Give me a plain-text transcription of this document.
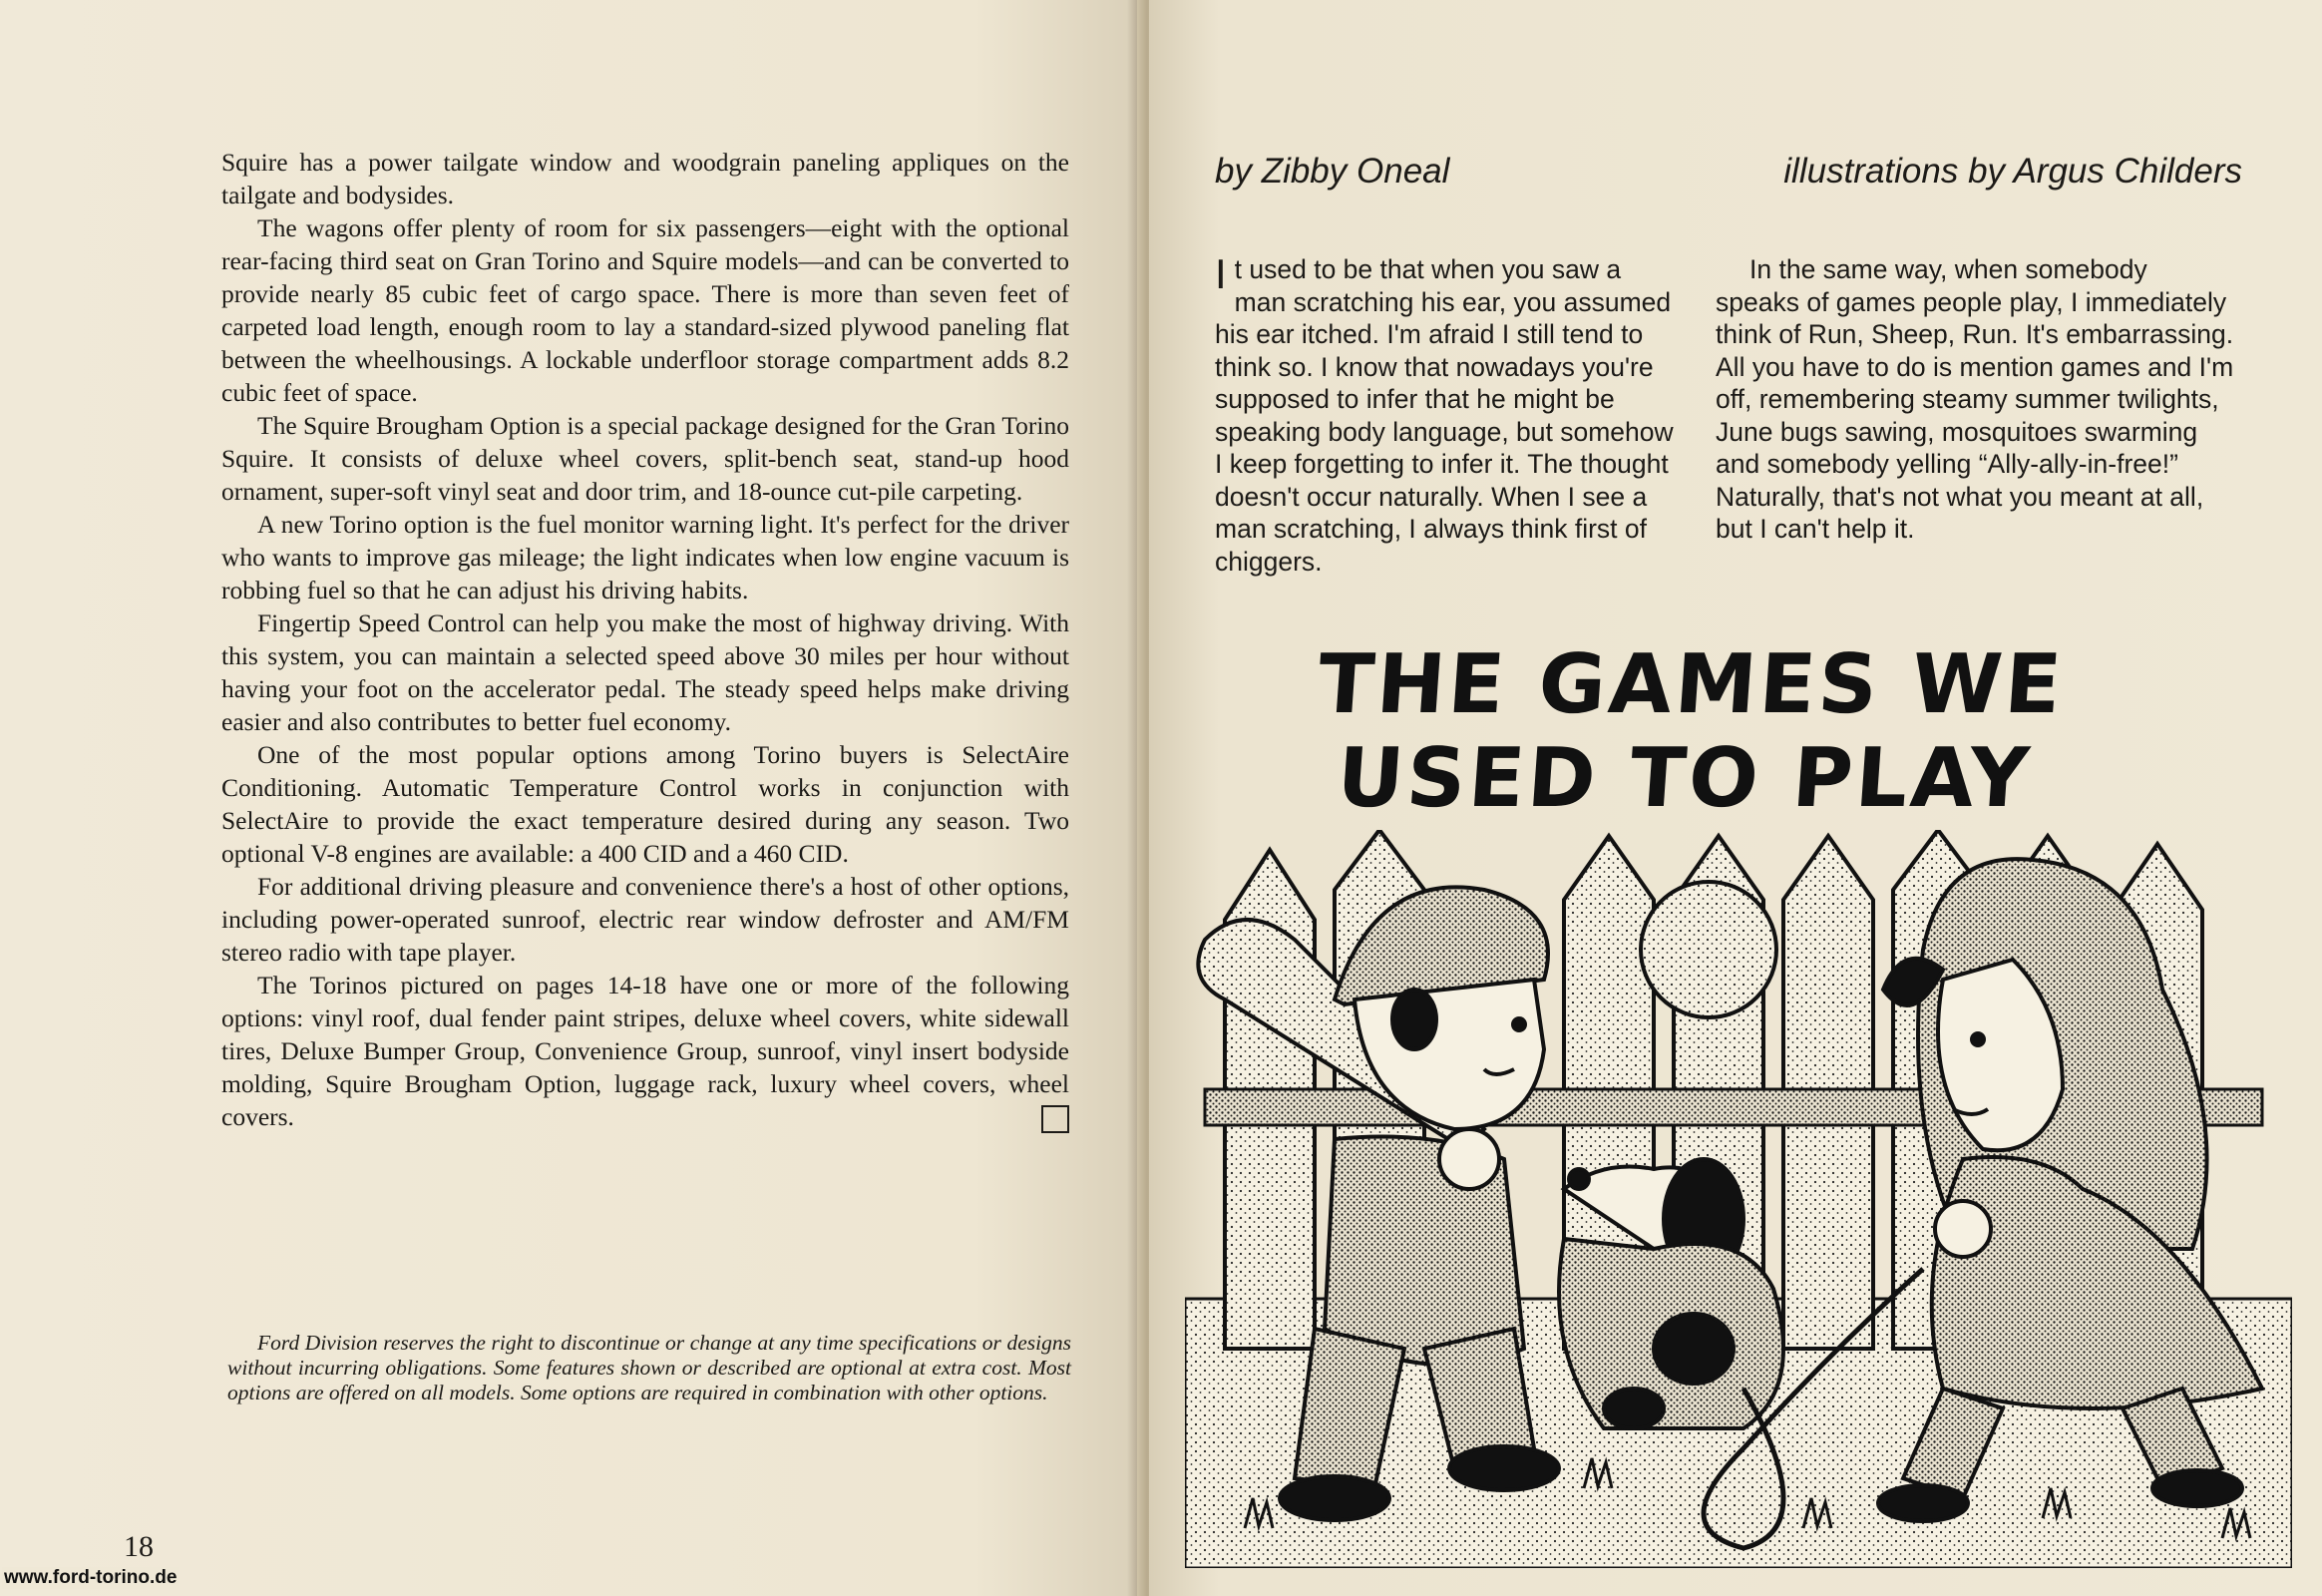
Squire has a power tailgate window and woodgrain paneling appliques on the tailgate and bodysides.

The wagons offer plenty of room for six passengers—eight with the optional rear-facing third seat on Gran Torino and Squire models—and can be converted to provide nearly 85 cubic feet of cargo space. There is more than seven feet of carpeted load length, enough room to lay a standard-sized plywood paneling flat between the wheelhousings. A lockable underfloor storage compartment adds 8.2 cubic feet of space.

The Squire Brougham Option is a special package designed for the Gran Torino Squire. It consists of deluxe wheel covers, split-bench seat, stand-up hood ornament, super-soft vinyl seat and door trim, and 18-ounce cut-pile carpeting.

A new Torino option is the fuel monitor warning light. It's perfect for the driver who wants to improve gas mileage; the light indicates when low engine vacuum is robbing fuel so that he can adjust his driving habits.

Fingertip Speed Control can help you make the most of highway driving. With this system, you can maintain a selected speed above 30 miles per hour without having your foot on the accelerator pedal. The steady speed helps make driving easier and also contributes to better fuel economy.

One of the most popular options among Torino buyers is SelectAire Conditioning. Automatic Temperature Control works in conjunction with SelectAire to provide the exact temperature desired during any season. Two optional V-8 engines are available: a 400 CID and a 460 CID.

For additional driving pleasure and convenience there's a host of other options, including power-operated sunroof, electric rear window defroster and AM/FM stereo radio with tape player.

The Torinos pictured on pages 14-18 have one or more of the following options: vinyl roof, dual fender paint stripes, deluxe wheel covers, white sidewall tires, Deluxe Bumper Group, Convenience Group, sunroof, vinyl insert bodyside molding, Squire Brougham Option, luggage rack, luxury wheel covers, wheel covers.

Ford Division reserves the right to discontinue or change at any time specifications or designs without incurring obligations. Some features shown or described are optional at extra cost. Most options are offered on all models. Some options are required in combination with other options.
18
by Zibby Oneal	illustrations by Argus Childers
It used to be that when you saw a man scratching his ear, you assumed his ear itched. I'm afraid I still tend to think so. I know that nowadays you're supposed to infer that he might be speaking body language, but somehow I keep forgetting to infer it. The thought doesn't occur naturally. When I see a man scratching, I always think first of chiggers.
In the same way, when somebody speaks of games people play, I immediately think of Run, Sheep, Run. It's embarrassing. All you have to do is mention games and I'm off, remembering steamy summer twilights, June bugs sawing, mosquitoes swarming and somebody yelling “Ally-ally-in-free!” Naturally, that's not what you meant at all, but I can't help it.
THE GAMES WE
USED TO PLAY
www.ford-torino.de
